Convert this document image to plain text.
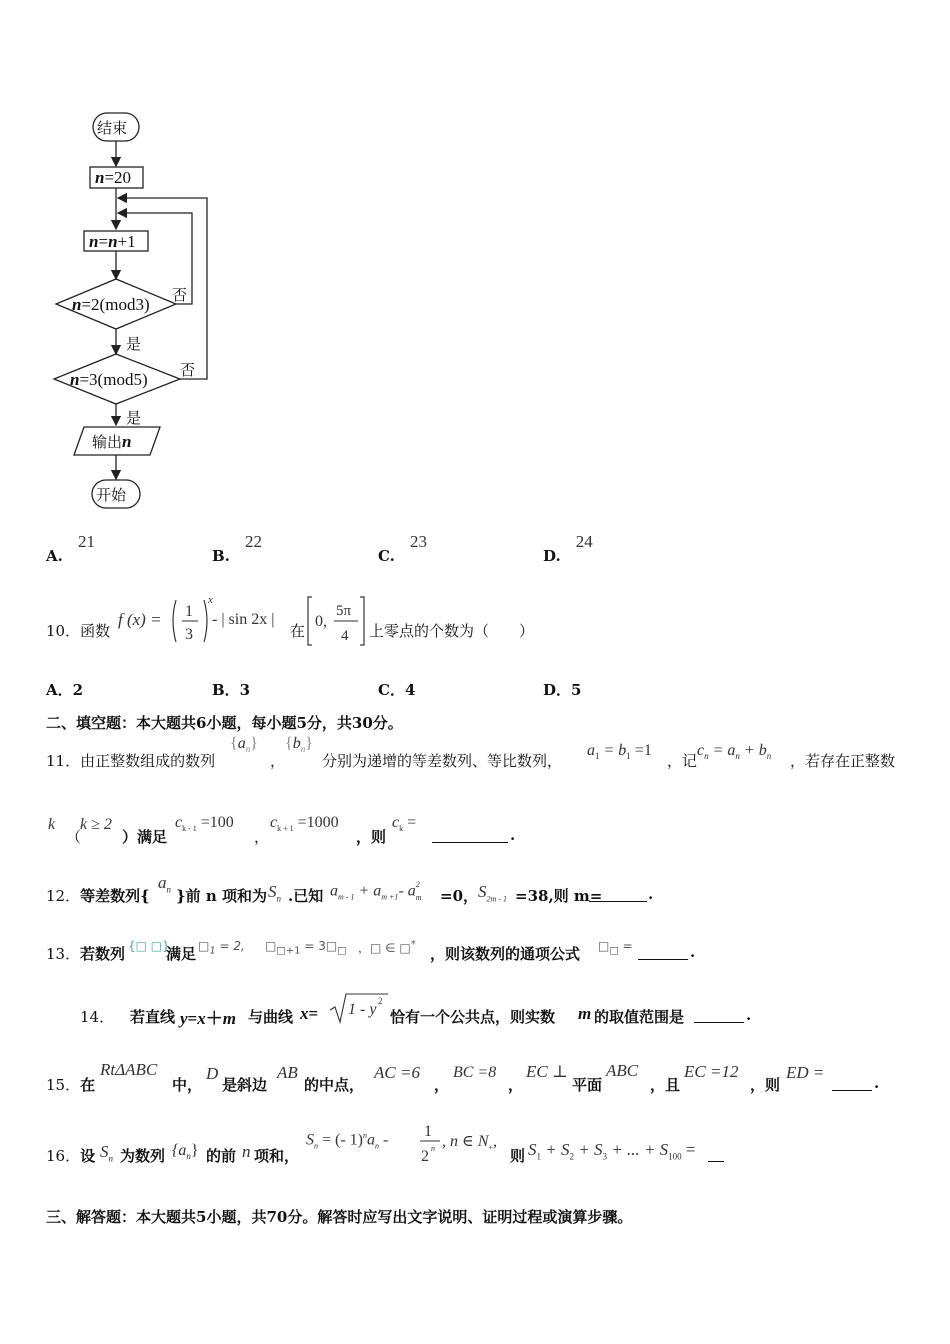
结束
n=20
n=n+1
n=2(mod3)
n=3(mod5)
否
否
是
是
输出n
开始
A. 21
B. 22
C. 23
D. 24
10．函数
f (x) = 1
3
x
- | sin 2x |
在
0,
5π
4 上零点的个数为（　　）
A．2	B．3	C．4	D．5
二、填空题：本大题共6小题，每小题5分，共30分。
11．由正整数组成的数列
$\{a_n\}$
，
$\{b_n\}$
分别为递增的等差数列、等比数列，
$a_1 = b_1 =1$
，记
$c_n = a_n + b_n$ ，若存在正整数
k
（
k ≥ 2
）满足
$c_{k - 1} =100$
，
$c_{k + 1} =1000$
，则
$c_k$ =
.
12．等差数列{
$a_n$ }前 n 项和为 $S_n$ .已知 $a_{m - 1} + a_{m +1}-$ $a^2_m =0$， $S_{2m - 1} =38$,则 m=	.
13． 若数列 {□ □}
满足 $□_1 = 2$, $□_{□+1}$ = $3□_□$ ，□ ∈ □*
，则该数列的通项公式 $□_□$ =	.
14． 若直线 y=x＋m 与曲线 x= 1 - y 2
恰有一个公共点，则实数 m 的取值范围是	.
15．在
RtΔABC
中，
D
是斜边
AB
的中点，
AC =6
，
BC =8
，
EC ⊥
平面
ABC
，且
EC =12
，则
ED =
.
16．设 $S_n$ 为数列 $\{a_n\}$ 的前 n 项和，
$S_n$ = (- $1)^na_n - 1$
2 n , n ∈ $N_+$,
则 $S_1 + S_2 + S_3$ + ... + $S_{100}$ =
三、解答题：本大题共5小题，共70分。解答时应写出文字说明、证明过程或演算步骤。
